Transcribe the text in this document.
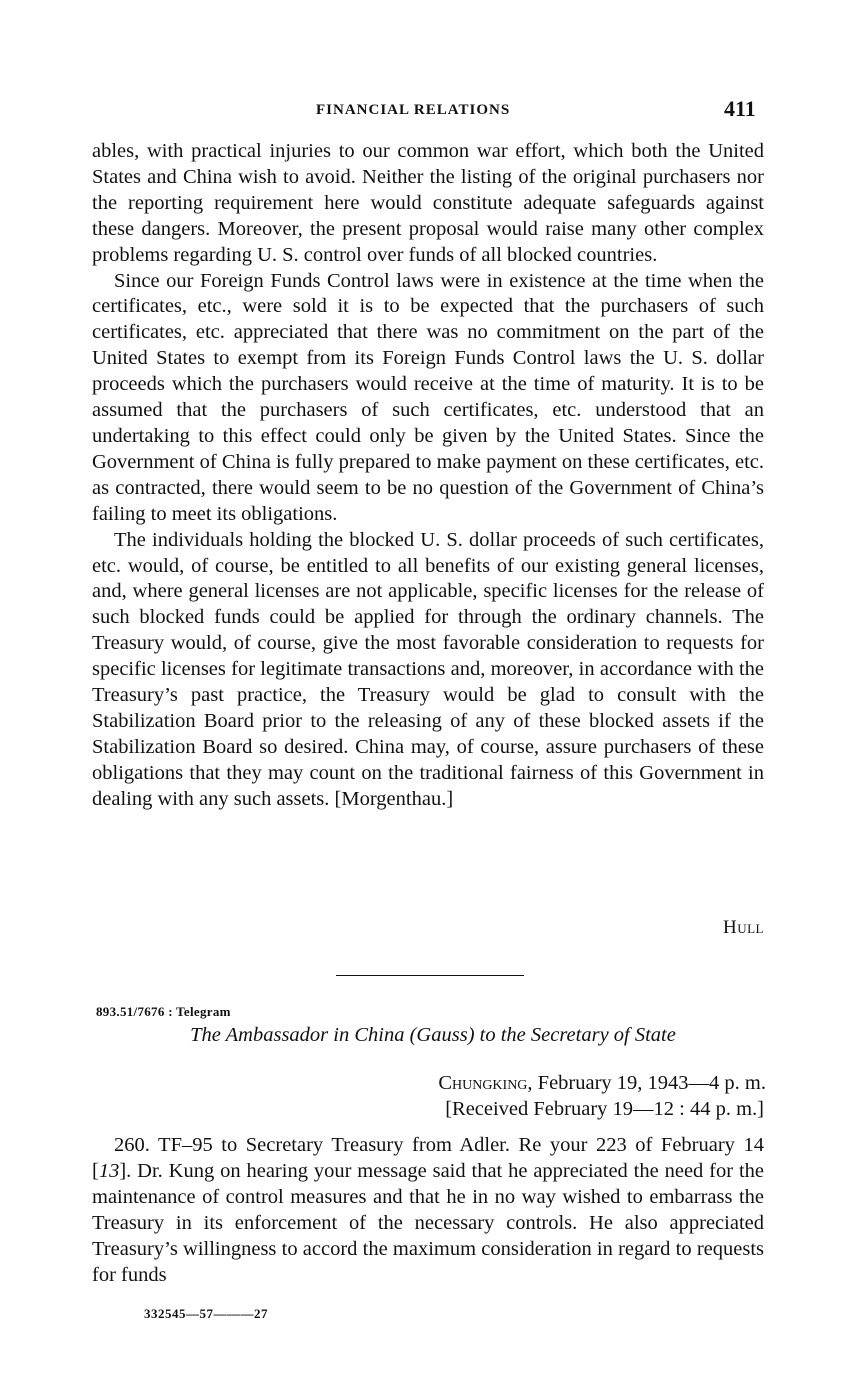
FINANCIAL RELATIONS	411

ables, with practical injuries to our common war effort, which both the United States and China wish to avoid. Neither the listing of the original purchasers nor the reporting requirement here would constitute adequate safeguards against these dangers. Moreover, the present proposal would raise many other complex problems regarding U. S. control over funds of all blocked countries.

Since our Foreign Funds Control laws were in existence at the time when the certificates, etc., were sold it is to be expected that the purchasers of such certificates, etc. appreciated that there was no commitment on the part of the United States to exempt from its Foreign Funds Control laws the U. S. dollar proceeds which the purchasers would receive at the time of maturity. It is to be assumed that the purchasers of such certificates, etc. understood that an undertaking to this effect could only be given by the United States. Since the Government of China is fully prepared to make payment on these certificates, etc. as contracted, there would seem to be no question of the Government of China’s failing to meet its obligations.

The individuals holding the blocked U. S. dollar proceeds of such certificates, etc. would, of course, be entitled to all benefits of our existing general licenses, and, where general licenses are not applicable, specific licenses for the release of such blocked funds could be applied for through the ordinary channels. The Treasury would, of course, give the most favorable consideration to requests for specific licenses for legitimate transactions and, moreover, in accordance with the Treasury’s past practice, the Treasury would be glad to consult with the Stabilization Board prior to the releasing of any of these blocked assets if the Stabilization Board so desired. China may, of course, assure purchasers of these obligations that they may count on the traditional fairness of this Government in dealing with any such assets. [Morgenthau.]

Hull
893.51/7676 : Telegram
The Ambassador in China (Gauss) to the Secretary of State
Chungking, February 19, 1943—4 p. m.
[Received February 19—12 : 44 p. m.]

260. TF–95 to Secretary Treasury from Adler. Re your 223 of February 14 [13]. Dr. Kung on hearing your message said that he appreciated the need for the maintenance of control measures and that he in no way wished to embarrass the Treasury in its enforcement of the necessary controls. He also appreciated Treasury’s willingness to accord the maximum consideration in regard to requests for funds

332545—57———27
